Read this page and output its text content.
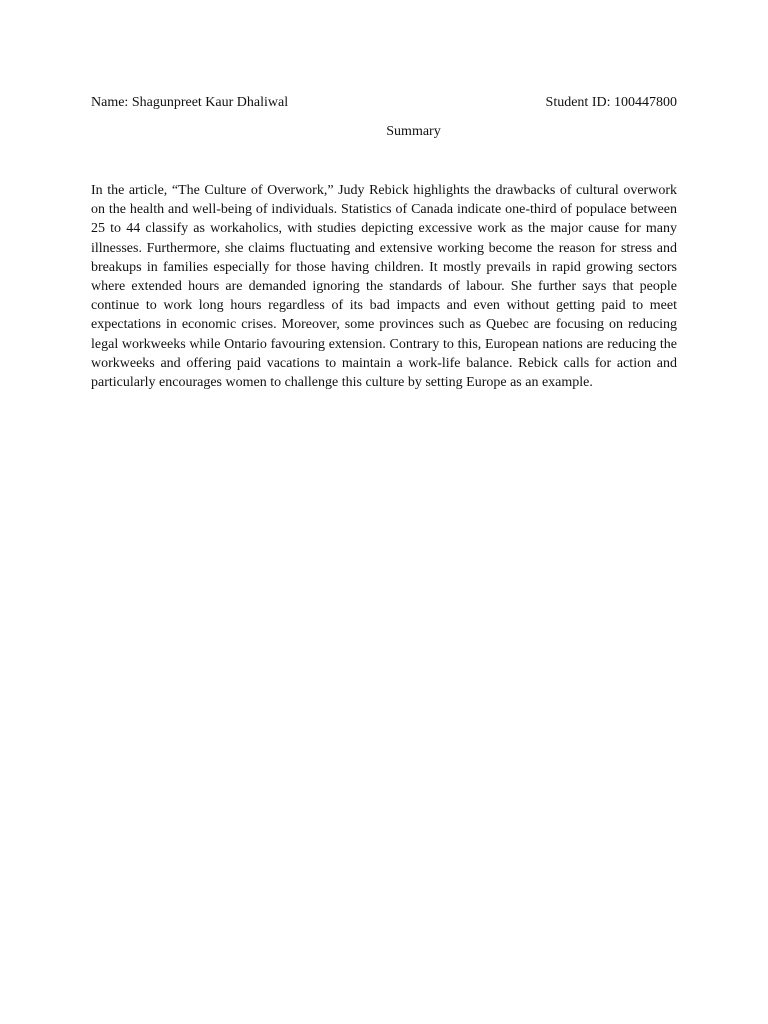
Name: Shagunpreet Kaur Dhaliwal	Student ID: 100447800
Summary

In the article, “The Culture of Overwork,” Judy Rebick highlights the drawbacks of cultural overwork on the health and well-being of individuals. Statistics of Canada indicate one-third of populace between 25 to 44 classify as workaholics, with studies depicting excessive work as the major cause for many illnesses. Furthermore, she claims fluctuating and extensive working become the reason for stress and breakups in families especially for those having children. It mostly prevails in rapid growing sectors where extended hours are demanded ignoring the standards of labour. She further says that people continue to work long hours regardless of its bad impacts and even without getting paid to meet expectations in economic crises. Moreover, some provinces such as Quebec are focusing on reducing legal workweeks while Ontario favouring extension. Contrary to this, European nations are reducing the workweeks and offering paid vacations to maintain a work-life balance. Rebick calls for action and particularly encourages women to challenge this culture by setting Europe as an example.
